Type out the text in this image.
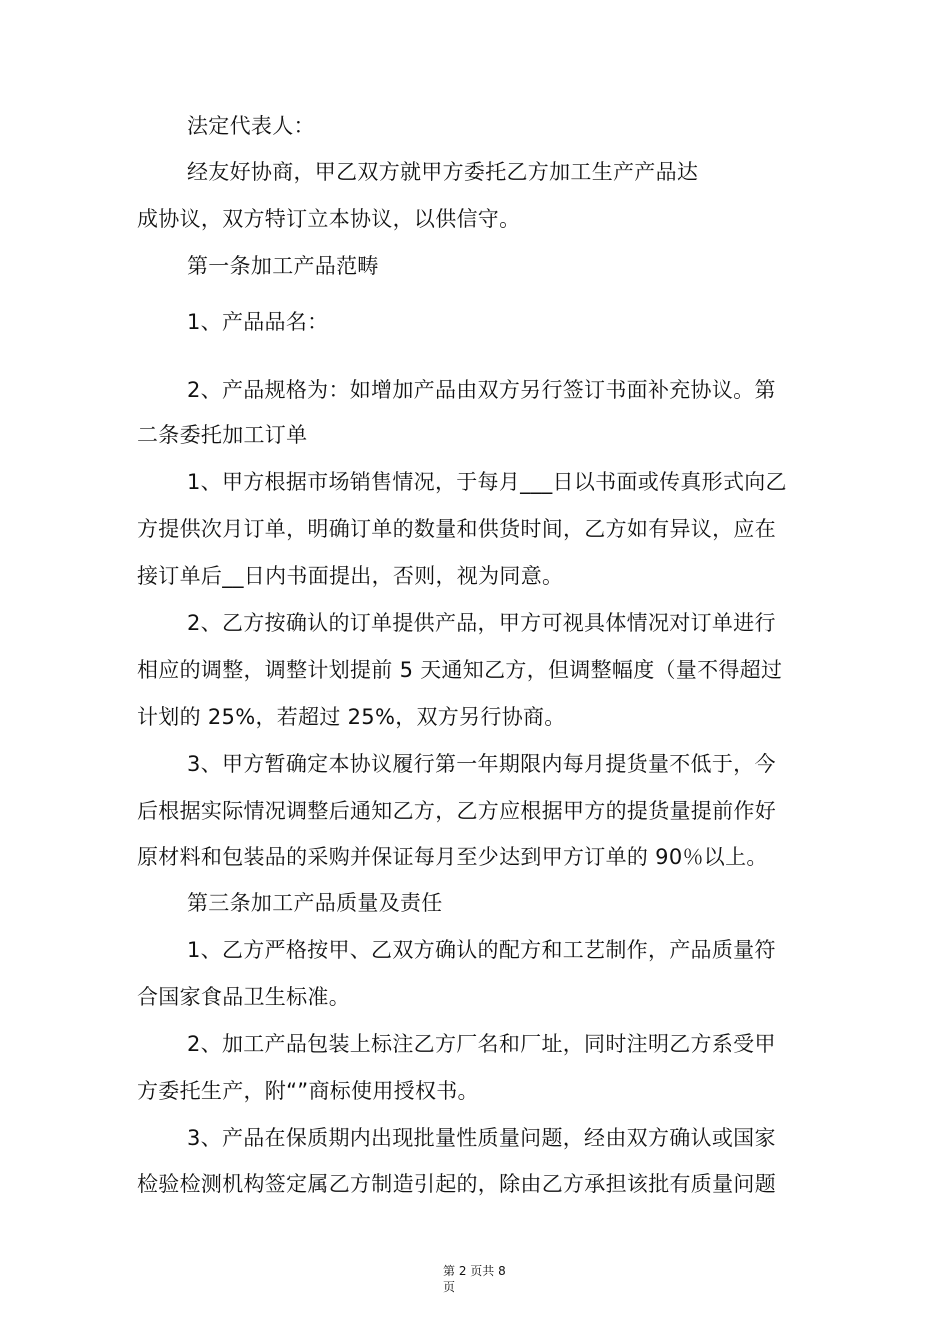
法定代表人：
经友好协商，甲乙双方就甲方委托乙方加工生产产品达
成协议，双方特订立本协议，以供信守。
第一条加工产品范畴
1、产品品名：
2、产品规格为：如增加产品由双方另行签订书面补充协议。第
二条委托加工订单
1、甲方根据市场销售情况，于每月___日以书面或传真形式向乙
方提供次月订单，明确订单的数量和供货时间，乙方如有异议，应在
接订单后__日内书面提出，否则，视为同意。
2、乙方按确认的订单提供产品，甲方可视具体情况对订单进行
相应的调整，调整计划提前 5 天通知乙方，但调整幅度（量不得超过
计划的 25%，若超过 25%，双方另行协商。
3、甲方暂确定本协议履行第一年期限内每月提货量不低于，今
后根据实际情况调整后通知乙方，乙方应根据甲方的提货量提前作好
原材料和包装品的采购并保证每月至少达到甲方订单的 90％以上。
第三条加工产品质量及责任
1、乙方严格按甲、乙双方确认的配方和工艺制作，产品质量符
合国家食品卫生标准。
2、加工产品包装上标注乙方厂名和厂址，同时注明乙方系受甲
方委托生产，附“”商标使用授权书。
3、产品在保质期内出现批量性质量问题，经由双方确认或国家
检验检测机构签定属乙方制造引起的，除由乙方承担该批有质量问题
第 2 页共 8
页
